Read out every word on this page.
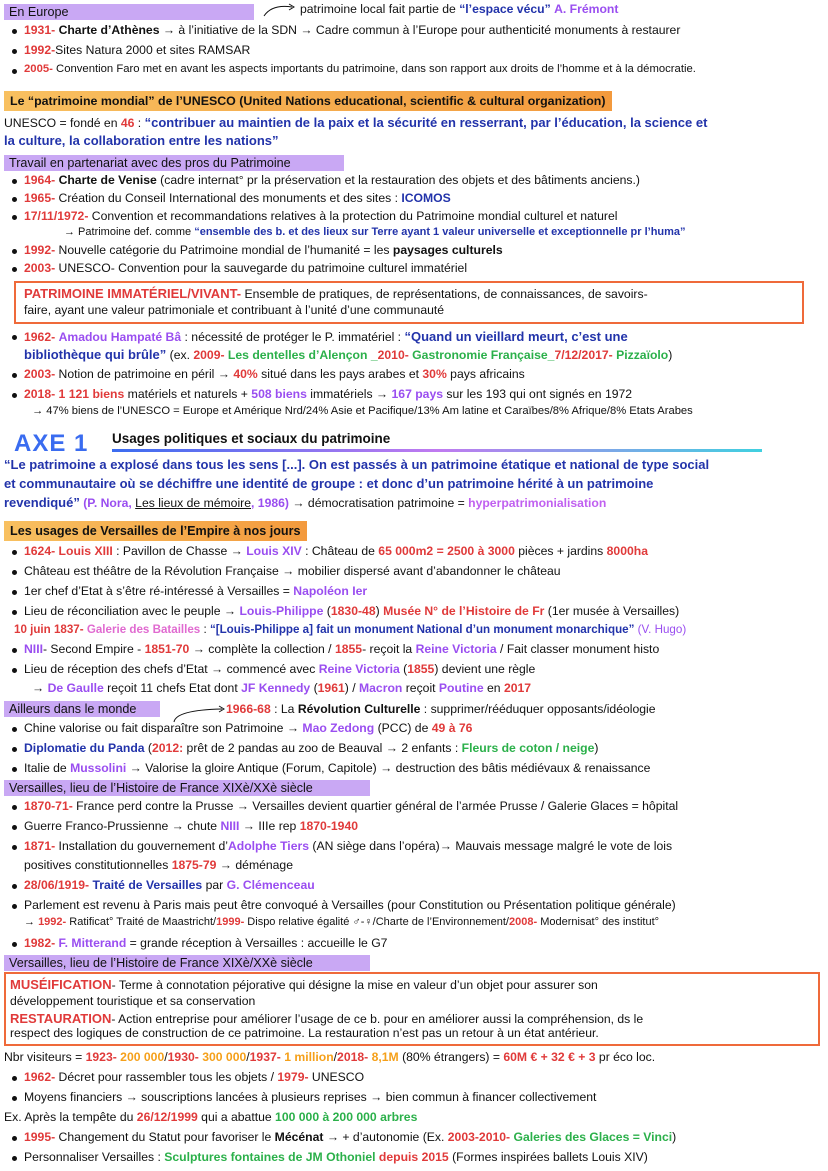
En Europe	patrimoine local fait partie de “l’espace vécu” A. Frémont
1931- Charte d’Athènes → à l’initiative de la SDN → Cadre commun à l’Europe pour authenticité monuments à restaurer
1992-Sites Natura 2000 et sites RAMSAR
2005- Convention Faro met en avant les aspects importants du patrimoine, dans son rapport aux droits de l’homme et à la démocratie.
Le “patrimoine mondial” de l’UNESCO (United Nations educational, scientific & cultural organization)
UNESCO = fondé en 46 : “contribuer au maintien de la paix et la sécurité en resserrant, par l’éducation, la science et
la culture, la collaboration entre les nations”
Travail en partenariat avec des pros du Patrimoine
1964- Charte de Venise (cadre internat° pr la préservation et la restauration des objets et des bâtiments anciens.)
1965- Création du Conseil International des monuments et des sites : ICOMOS
17/11/1972- Convention et recommandations relatives à la protection du Patrimoine mondial culturel et naturel
→ Patrimoine def. comme “ensemble des b. et des lieux sur Terre ayant 1 valeur universelle et exceptionnelle pr l’huma”
1992- Nouvelle catégorie du Patrimoine mondial de l’humanité = les paysages culturels
2003- UNESCO- Convention pour la sauvegarde du patrimoine culturel immatériel
PATRIMOINE IMMATÉRIEL/VIVANT- Ensemble de pratiques, de représentations, de connaissances, de savoirs-
faire, ayant une valeur patrimoniale et contribuant à l’unité d’une communauté
1962- Amadou Hampaté Bâ : nécessité de protéger le P. immatériel : “Quand un vieillard meurt, c’est une
bibliothèque qui brûle” (ex. 2009- Les dentelles d’Alençon _2010- Gastronomie Française_7/12/2017- Pizzaïolo)
2003- Notion de patrimoine en péril → 40% situé dans les pays arabes et 30% pays africains
2018- 1 121 biens matériels et naturels + 508 biens immatériels → 167 pays sur les 193 qui ont signés en 1972
→ 47% biens de l’UNESCO = Europe et Amérique Nrd/24% Asie et Pacifique/13% Am latine et Caraïbes/8% Afrique/8% Etats Arabes
AXE 1 Usages politiques et sociaux du patrimoine
“Le patrimoine a explosé dans tous les sens [...]. On est passés à un patrimoine étatique et national de type social
et communautaire où se déchiffre une identité de groupe : et donc d’un patrimoine hérité à un patrimoine
revendiqué” (P. Nora, Les lieux de mémoire, 1986) → démocratisation patrimoine = hyperpatrimonialisation
Les usages de Versailles de l’Empire à nos jours
1624- Louis XIII : Pavillon de Chasse → Louis XIV : Château de 65 000m2 = 2500 à 3000 pièces + jardins 8000ha
Château est théâtre de la Révolution Française → mobilier dispersé avant d’abandonner le château
1er chef d’Etat à s’être ré-intéressé à Versailles = Napoléon Ier
Lieu de réconciliation avec le peuple → Louis-Philippe (1830-48) Musée N° de l’Histoire de Fr (1er musée à Versailles)
10 juin 1837- Galerie des Batailles : “[Louis-Philippe a] fait un monument National d’un monument monarchique” (V. Hugo)
NIII- Second Empire - 1851-70 → complète la collection / 1855- reçoit la Reine Victoria / Fait classer monument histo
Lieu de réception des chefs d’Etat → commencé avec Reine Victoria (1855) devient une règle
→ De Gaulle reçoit 11 chefs Etat dont JF Kennedy (1961) / Macron reçoit Poutine en 2017
Ailleurs dans le monde	1966-68 : La Révolution Culturelle : supprimer/rééduquer opposants/idéologie
Chine valorise ou fait disparaître son Patrimoine → Mao Zedong (PCC) de 49 à 76
Diplomatie du Panda (2012: prêt de 2 pandas au zoo de Beauval → 2 enfants : Fleurs de coton / neige)
Italie de Mussolini → Valorise la gloire Antique (Forum, Capitole) → destruction des bâtis médiévaux & renaissance
Versailles, lieu de l’Histoire de France XIXè/XXè siècle
1870-71- France perd contre la Prusse → Versailles devient quartier général de l’armée Prusse / Galerie Glaces = hôpital
Guerre Franco-Prussienne → chute NIII → IIIe rep 1870-1940
1871- Installation du gouvernement d’Adolphe Tiers (AN siège dans l’opéra)→ Mauvais message malgré le vote de lois
positives constitutionnelles 1875-79 → déménage
28/06/1919- Traité de Versailles par G. Clémenceau
Parlement est revenu à Paris mais peut être convoqué à Versailles (pour Constitution ou Présentation politique générale)
→ 1992- Ratificat° Traité de Maastricht/1999- Dispo relative égalité ♂-♀/Charte de l’Environnement/2008- Modernisat° des institut°
1982- F. Mitterand = grande réception à Versailles : accueille le G7
Versailles, lieu de l’Histoire de France XIXè/XXè siècle
MUSÉIFICATION- Terme à connotation péjorative qui désigne la mise en valeur d’un objet pour assurer son
développement touristique et sa conservation
RESTAURATION- Action entreprise pour améliorer l’usage de ce b. pour en améliorer aussi la compréhension, ds le
respect des logiques de construction de ce patrimoine. La restauration n’est pas un retour à un état antérieur.
Nbr visiteurs = 1923- 200 000/1930- 300 000/1937- 1 million/2018- 8,1M (80% étrangers) = 60M € + 32 € + 3 pr éco loc.
1962- Décret pour rassembler tous les objets / 1979- UNESCO
Moyens financiers → souscriptions lancées à plusieurs reprises → bien commun à financer collectivement
Ex. Après la tempête du 26/12/1999 qui a abattue 100 000 à 200 000 arbres
1995- Changement du Statut pour favoriser le Mécénat → + d’autonomie (Ex. 2003-2010- Galeries des Glaces = Vinci)
Personnaliser Versailles : Sculptures fontaines de JM Othoniel depuis 2015 (Formes inspirées ballets Louis XIV)
